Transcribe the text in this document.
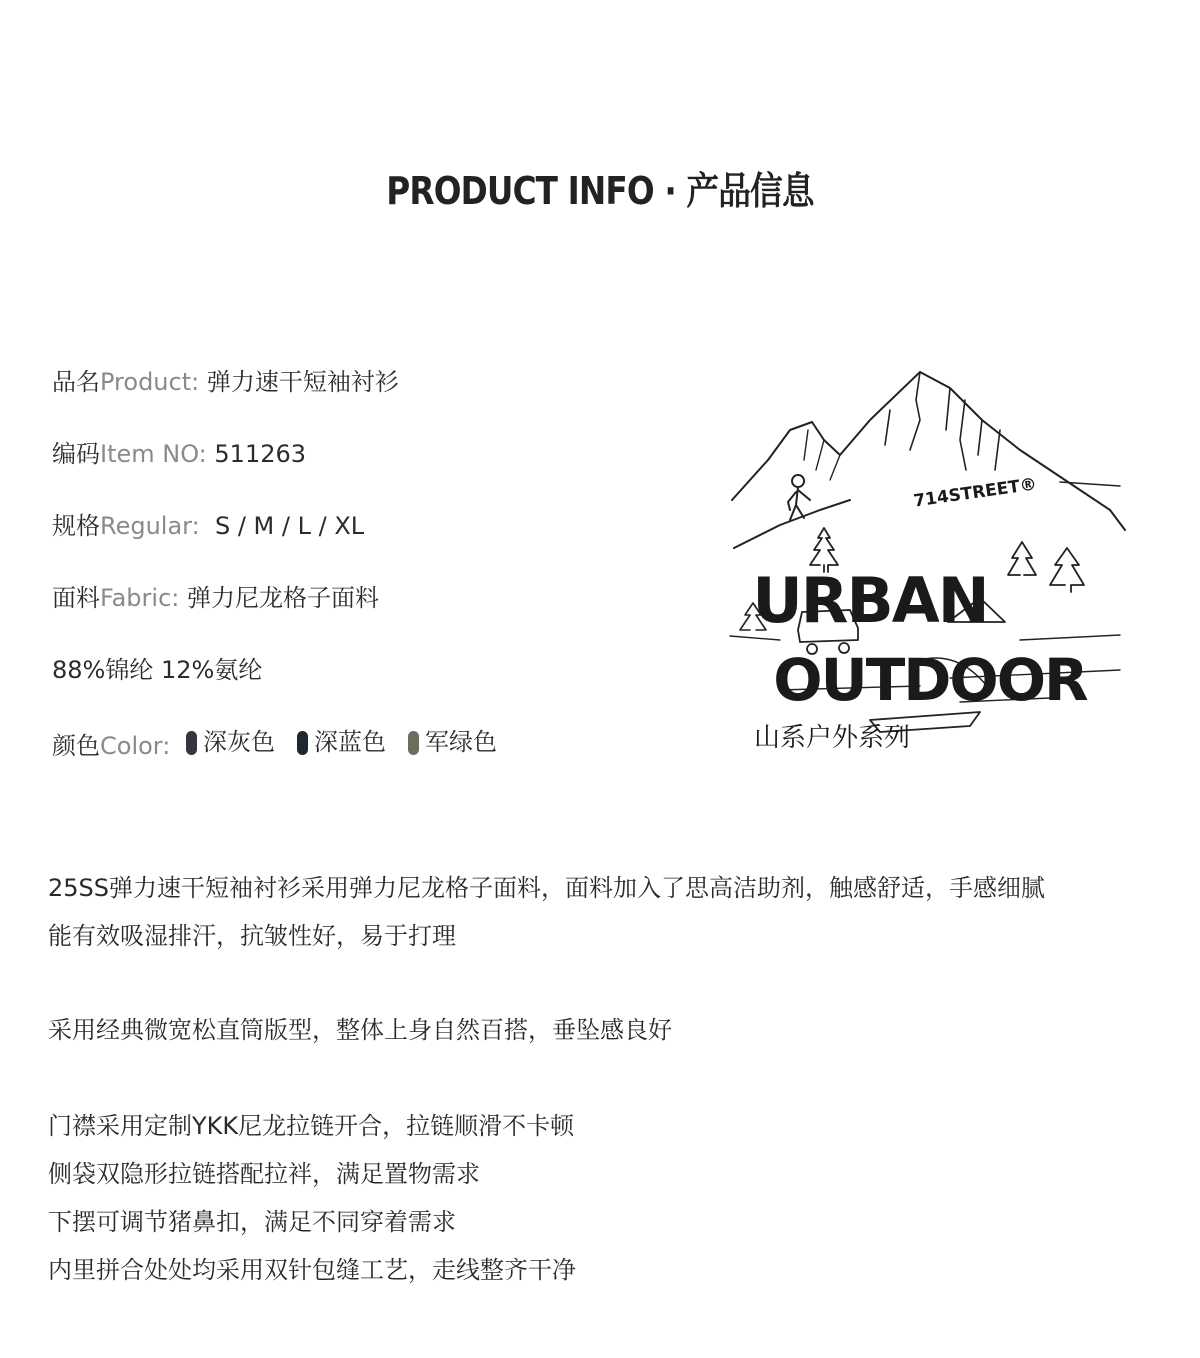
PRODUCT INFO · 产品信息
品名Product: 弹力速干短袖衬衫
编码Item NO: 511263
规格Regular:  S / M / L / XL
面料Fabric: 弹力尼龙格子面料
88%锦纶 12%氨纶
颜色Color: 深灰色 深蓝色 军绿色
714STREET®
URBAN
OUTDOOR
山系户外系列
25SS弹力速干短袖衬衫采用弹力尼龙格子面料，面料加入了思高洁助剂，触感舒适，手感细腻
能有效吸湿排汗，抗皱性好，易于打理
采用经典微宽松直筒版型，整体上身自然百搭，垂坠感良好
门襟采用定制YKK尼龙拉链开合，拉链顺滑不卡顿
侧袋双隐形拉链搭配拉袢，满足置物需求
下摆可调节猪鼻扣，满足不同穿着需求
内里拼合处处均采用双针包缝工艺，走线整齐干净
